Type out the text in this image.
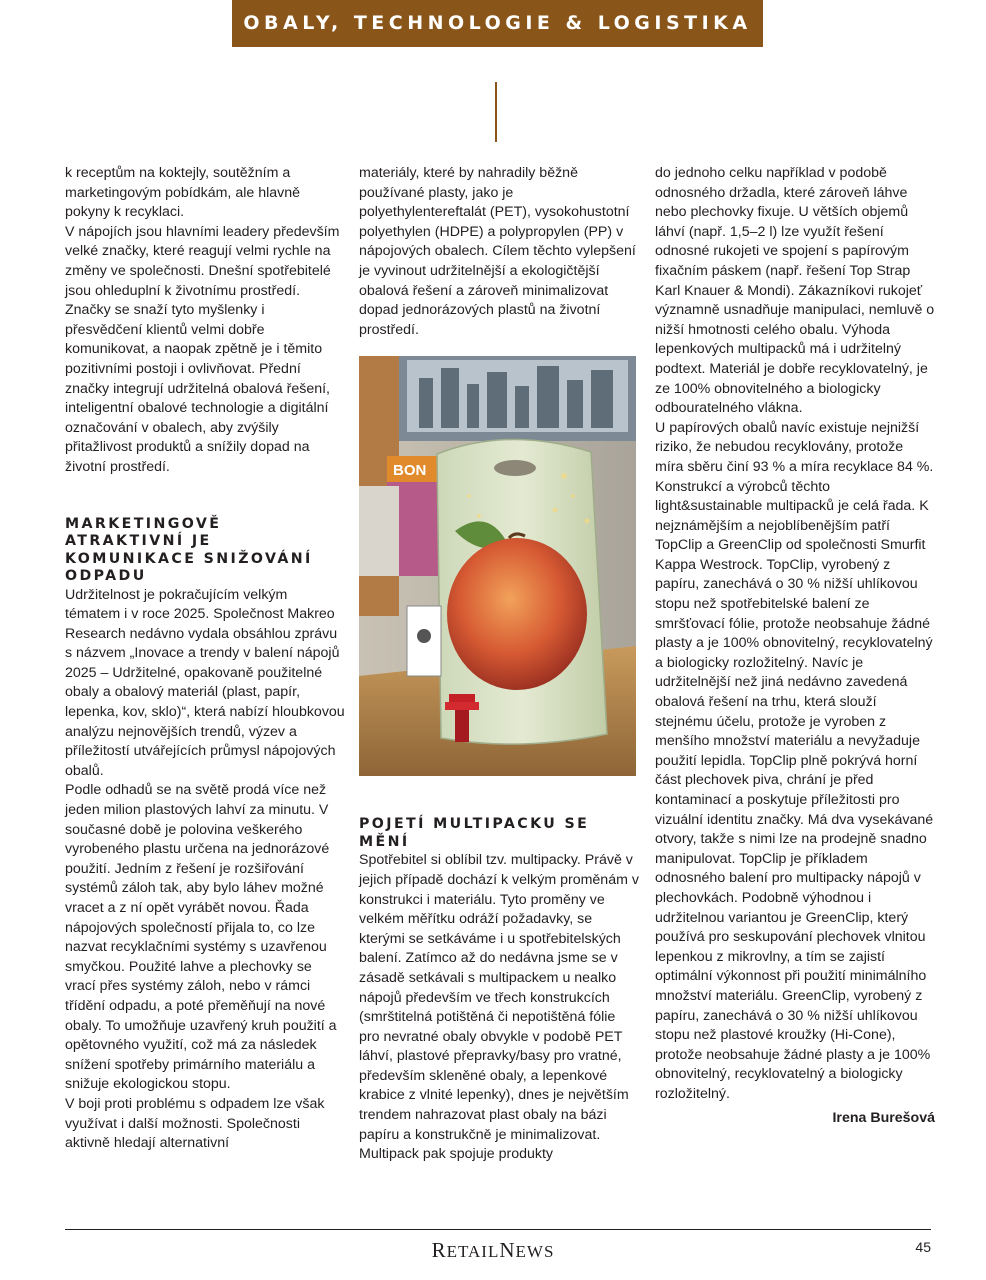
OBALY, TECHNOLOGIE & LOGISTIKA

k receptům na koktejly, soutěžním a marketingovým pobídkám, ale hlavně pokyny k recyklaci.

V nápojích jsou hlavními leadery především velké značky, které reagují velmi rychle na změny ve společnosti. Dnešní spotřebitelé jsou ohleduplní k životnímu prostředí. Značky se snaží tyto myšlenky i přesvědčení klientů velmi dobře komunikovat, a naopak zpětně je i těmito pozitivními postoji i ovlivňovat. Přední značky integrují udržitelná obalová řešení, inteligentní obalové technologie a digitální označování v obalech, aby zvýšily přitažlivost produktů a snížily dopad na životní prostředí.

MARKETINGOVĚ ATRAKTIVNÍ JE KOMUNIKACE SNIŽOVÁNÍ ODPADU

Udržitelnost je pokračujícím velkým tématem i v roce 2025. Společnost Makreo Research nedávno vydala obsáhlou zprávu s názvem „Inovace a trendy v balení nápojů 2025 – Udržitelné, opakovaně použitelné obaly a obalový materiál (plast, papír, lepenka, kov, sklo)“, která nabízí hloubkovou analýzu nejnovějších trendů, výzev a příležitostí utvářejících průmysl nápojových obalů.

Podle odhadů se na světě prodá více než jeden milion plastových lahví za minutu. V současné době je polovina veškerého vyrobeného plastu určena na jednorázové použití. Jedním z řešení je rozšiřování systémů záloh tak, aby bylo láhev možné vracet a z ní opět vyrábět novou. Řada nápojových společností přijala to, co lze nazvat recyklačními systémy s uzavřenou smyčkou. Použité lahve a plechovky se vrací přes systémy záloh, nebo v rámci třídění odpadu, a poté přeměňují na nové obaly. To umožňuje uzavřený kruh použití a opětovného využití, což má za následek snížení spotřeby primárního materiálu a snižuje ekologickou stopu.

V boji proti problému s odpadem lze však využívat i další možnosti. Společnosti aktivně hledají alternativní

materiály, které by nahradily běžně používané plasty, jako je polyethylentereftalát (PET), vysokohustotní polyethylen (HDPE) a polypropylen (PP) v nápojových obalech. Cílem těchto vylepšení je vyvinout udržitelnější a ekologičtější obalová řešení a zároveň minimalizovat dopad jednorázových plastů na životní prostředí.

BON
POJETÍ MULTIPACKU SE MĚNÍ

Spotřebitel si oblíbil tzv. multipacky. Právě v jejich případě dochází k velkým proměnám v konstrukci i materiálu. Tyto proměny ve velkém měřítku odráží požadavky, se kterými se setkáváme i u spotřebitelských balení. Zatímco až do nedávna jsme se v zásadě setkávali s multipackem u nealko nápojů především ve třech konstrukcích (smrštitelná potištěná či nepotištěná fólie pro nevratné obaly obvykle v podobě PET láhví, plastové přepravky/basy pro vratné, především skleněné obaly, a lepenkové krabice z vlnité lepenky), dnes je největším trendem nahrazovat plast obaly na bázi papíru a konstrukčně je minimalizovat. Multipack pak spojuje produkty

do jednoho celku například v podobě odnosného držadla, které zároveň láhve nebo plechovky fixuje. U větších objemů láhví (např. 1,5–2 l) lze využít řešení odnosné rukojeti ve spojení s papírovým fixačním páskem (např. řešení Top Strap Karl Knauer & Mondi). Zákazníkovi rukojeť významně usnadňuje manipulaci, nemluvě o nižší hmotnosti celého obalu. Výhoda lepenkových multipacků má i udržitelný podtext. Materiál je dobře recyklovatelný, je ze 100% obnovitelného a biologicky odbouratelného vlákna.

U papírových obalů navíc existuje nejnižší riziko, že nebudou recyklovány, protože míra sběru činí 93 % a míra recyklace 84 %.

Konstrukcí a výrobců těchto light&sustainable multipacků je celá řada. K nejznámějším a nejoblíbenějším patří TopClip a GreenClip od společnosti Smurfit Kappa Westrock. TopClip, vyrobený z papíru, zanechává o 30 % nižší uhlíkovou stopu než spotřebitelské balení ze smršťovací fólie, protože neobsahuje žádné plasty a je 100% obnovitelný, recyklovatelný a biologicky rozložitelný. Navíc je udržitelnější než jiná nedávno zavedená obalová řešení na trhu, která slouží stejnému účelu, protože je vyroben z menšího množství materiálu a nevyžaduje použití lepidla. TopClip plně pokrývá horní část plechovek piva, chrání je před kontaminací a poskytuje příležitosti pro vizuální identitu značky. Má dva vysekávané otvory, takže s nimi lze na prodejně snadno manipulovat. TopClip je příkladem odnosného balení pro multipacky nápojů v plechovkách. Podobně výhodnou i udržitelnou variantou je GreenClip, který používá pro seskupování plechovek vlnitou lepenkou z mikrovlny, a tím se zajistí optimální výkonnost při použití minimálního množství materiálu. GreenClip, vyrobený z papíru, zanechává o 30 % nižší uhlíkovou stopu než plastové kroužky (Hi-Cone), protože neobsahuje žádné plasty a je 100% obnovitelný, recyklovatelný a biologicky rozložitelný.

Irena Burešová
RETAILNEWS	45
